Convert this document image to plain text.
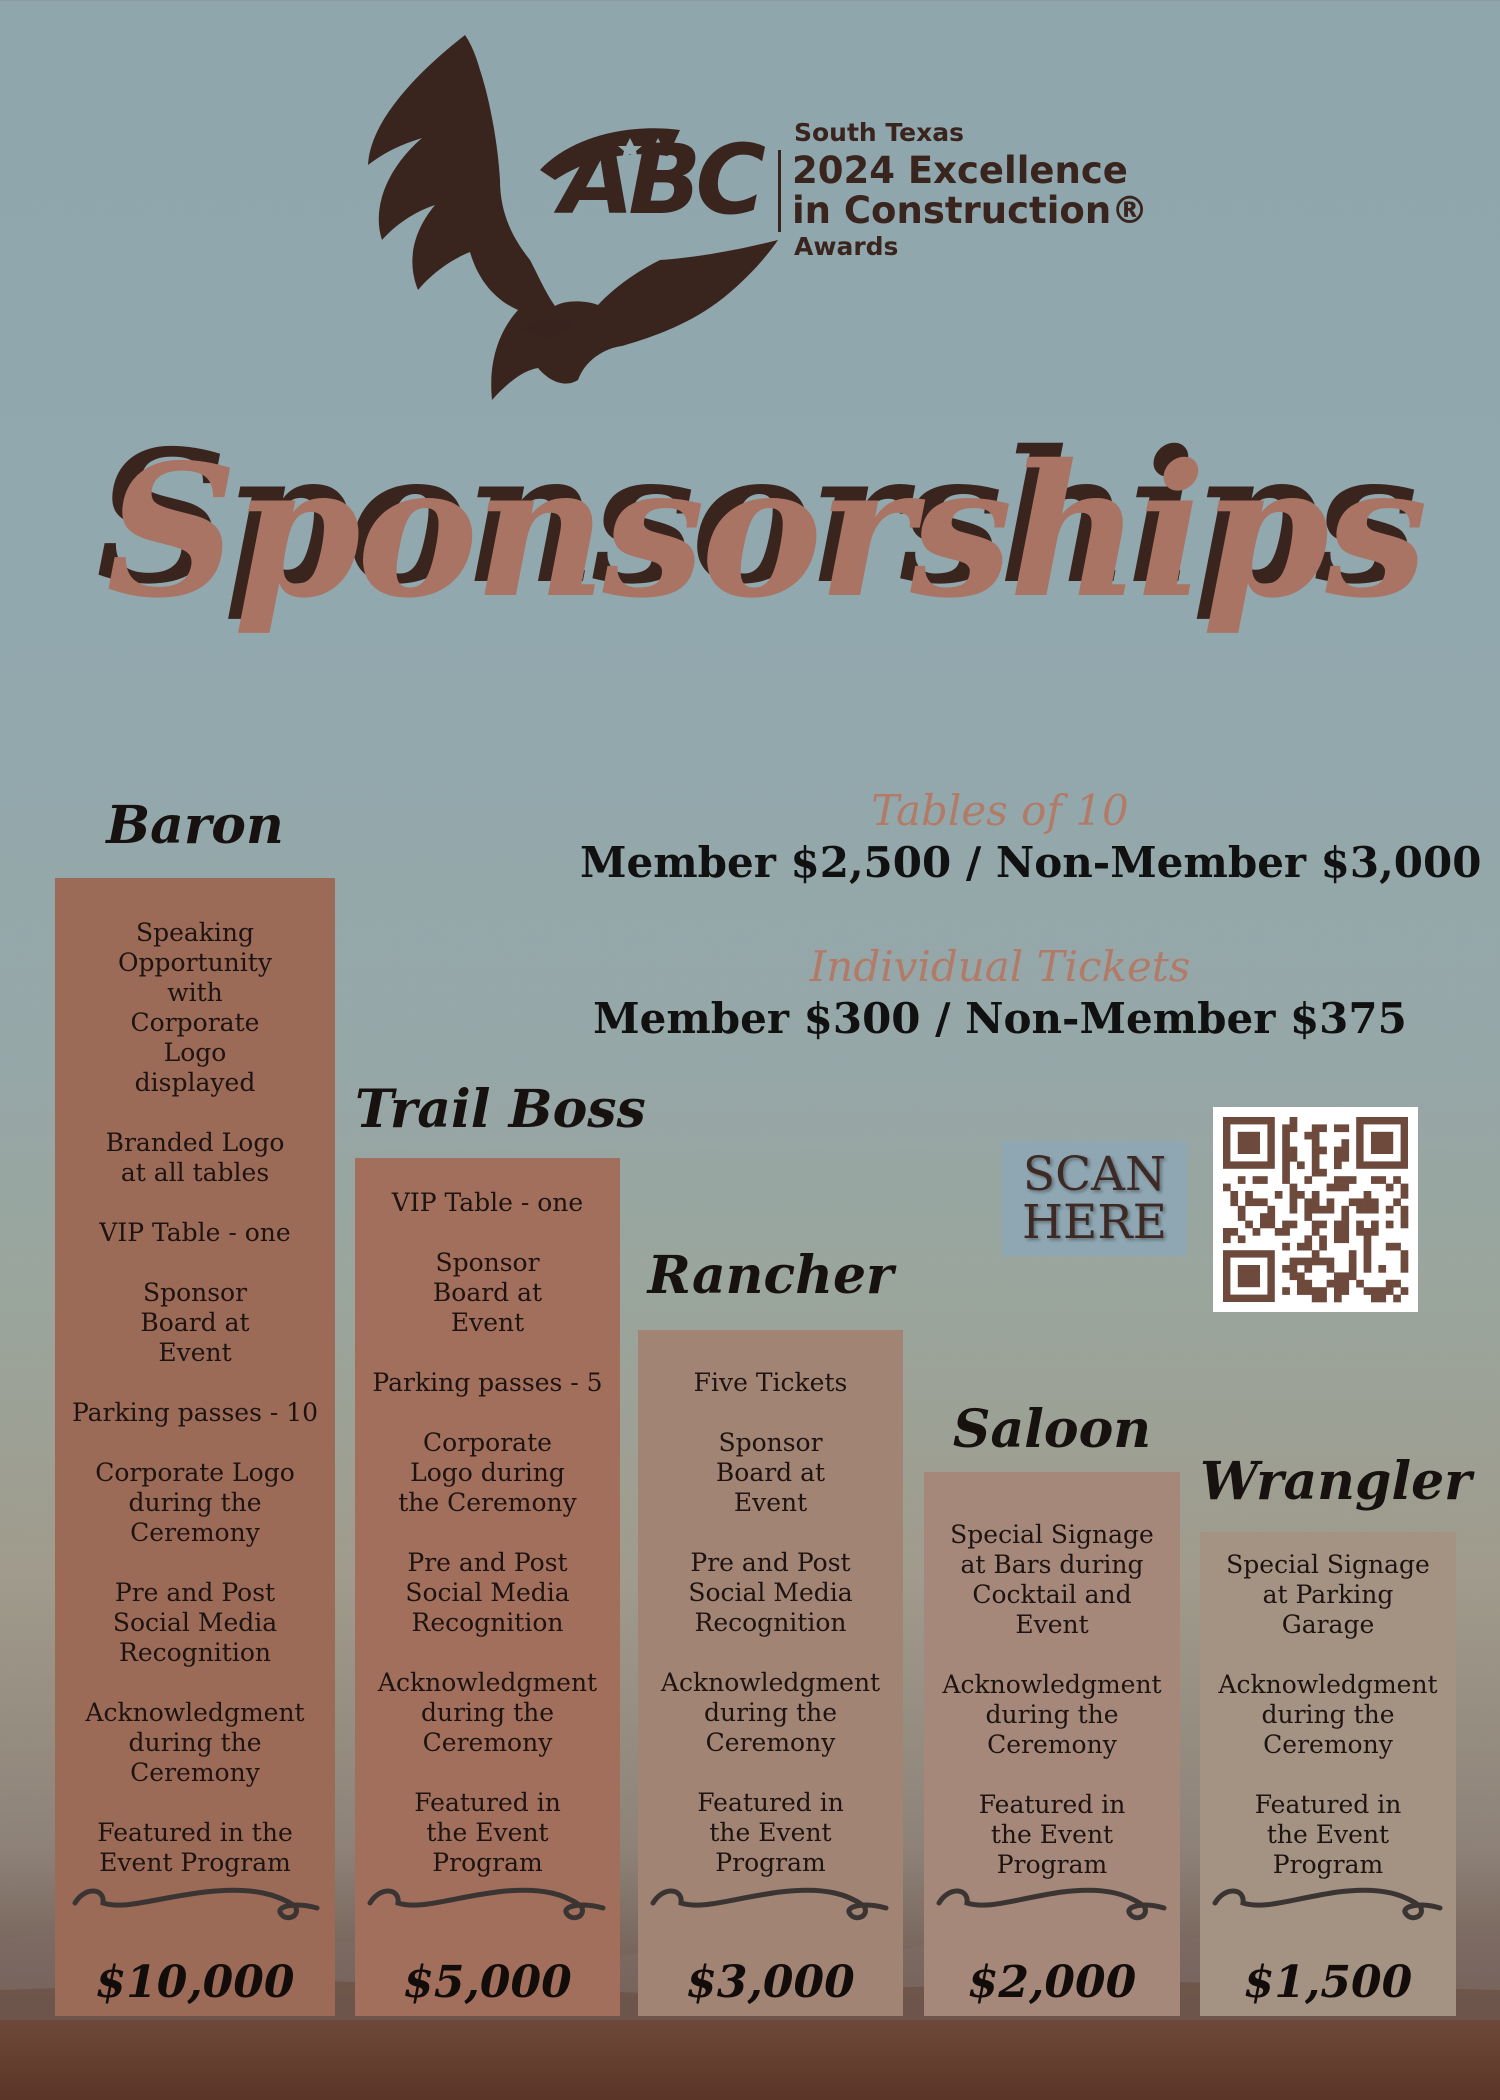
ABC South Texas
2024 Excellence
in Construction®
Awards
Sponsorships
Tables of 10
Member $2,500 / Non-Member $3,000
Individual Tickets
Member $300 / Non-Member $375
SCAN
HERE
Baron
Trail Boss
Rancher
Saloon
Wrangler
Speaking Opportunity with Corporate Logo displayed
Branded Logo at all tables
VIP Table - one
Sponsor Board at Event
Parking passes - 10
Corporate Logo during the Ceremony
Pre and Post Social Media Recognition
Acknowledgment during the Ceremony
Featured in the Event Program
$10,000
VIP Table - one
Sponsor Board at Event
Parking passes - 5
Corporate Logo during the Ceremony
Pre and Post Social Media Recognition
Acknowledgment during the Ceremony
Featured in the Event Program
$5,000
Five Tickets
Sponsor Board at Event
Pre and Post Social Media Recognition
Acknowledgment during the Ceremony
Featured in the Event Program
$3,000
Special Signage at Bars during Cocktail and Event
Acknowledgment during the Ceremony
Featured in the Event Program
$2,000
Special Signage at Parking Garage
Acknowledgment during the Ceremony
Featured in the Event Program
$1,500
